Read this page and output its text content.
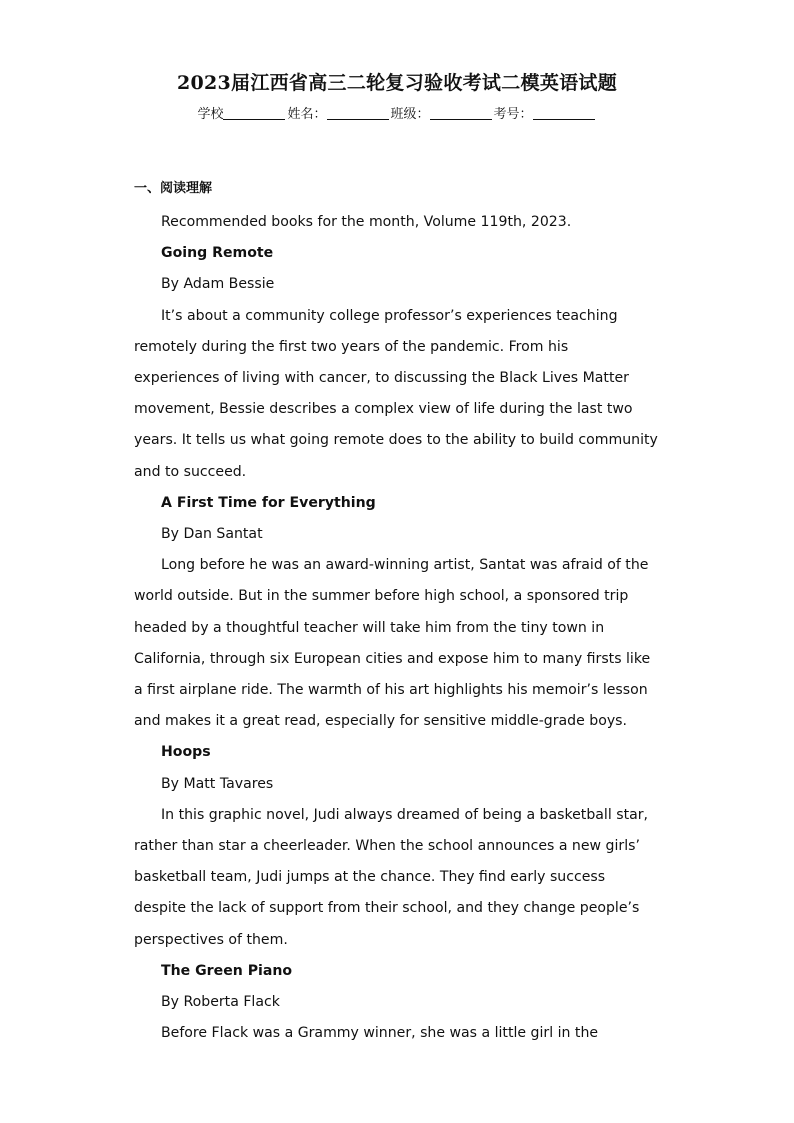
2023届江西省高三二轮复习验收考试二模英语试题
学校	姓名：	班级：	考号：
一、阅读理解

Recommended books for the month, Volume 119th, 2023.

Going Remote

By Adam Bessie

It’s about a community college professor’s experiences teaching
remotely during the first two years of the pandemic. From his
experiences of living with cancer, to discussing the Black Lives Matter
movement, Bessie describes a complex view of life during the last two
years. It tells us what going remote does to the ability to build community
and to succeed.

A First Time for Everything

By Dan Santat

Long before he was an award-winning artist, Santat was afraid of the
world outside. But in the summer before high school, a sponsored trip
headed by a thoughtful teacher will take him from the tiny town in
California, through six European cities and expose him to many firsts like
a first airplane ride. The warmth of his art highlights his memoir’s lesson
and makes it a great read, especially for sensitive middle-grade boys.

Hoops

By Matt Tavares

In this graphic novel, Judi always dreamed of being a basketball star,
rather than star a cheerleader. When the school announces a new girls’
basketball team, Judi jumps at the chance. They find early success
despite the lack of support from their school, and they change people’s
perspectives of them.

The Green Piano

By Roberta Flack

Before Flack was a Grammy winner, she was a little girl in the
